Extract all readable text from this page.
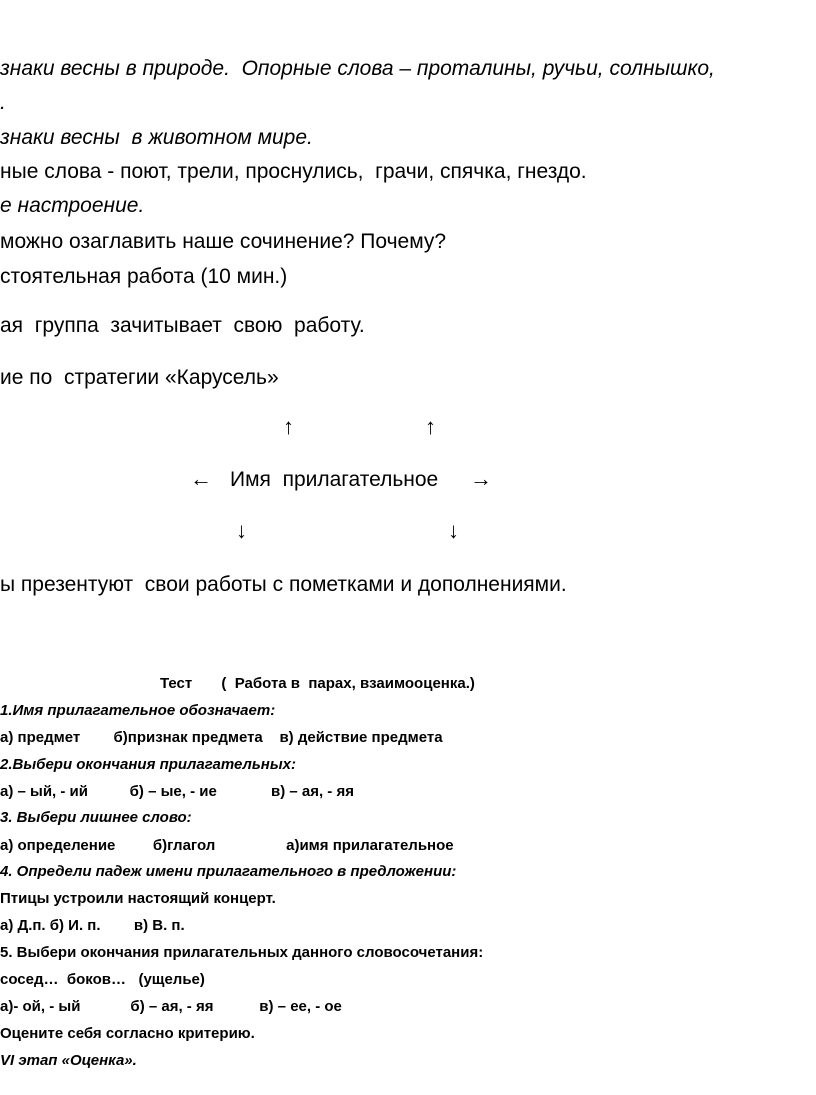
знаки весны в природе.  Опорные слова – проталины, ручьи, солнышко,
.
знаки весны  в животном мире.
ные слова - поют, трели, проснулись,  грачи, спячка, гнездо.
е настроение.
можно озаглавить наше сочинение? Почему?
стоятельная работа (10 мин.)
ая  группа  зачитывает  свою  работу.
ие по  стратегии «Карусель»
↑	↑
← Имя  прилагательное →
↓	↓
ы презентуют  свои работы с пометками и дополнениями.
Тест       (  Работа в  парах, взаимооценка.)
1.Имя прилагательное обозначает:
а) предмет        б)признак предмета    в) действие предмета
2.Выбери окончания прилагательных:
а) – ый, - ий          б) – ые, - ие             в) – ая, - яя
3. Выбери лишнее слово:
а) определение         б)глагол                 а)имя прилагательное
4. Определи падеж имени прилагательного в предложении:
Птицы устроили настоящий концерт.
а) Д.п. б) И. п.        в) В. п.
5. Выбери окончания прилагательных данного словосочетания:
сосед…  боков…   (ущелье)
а)- ой, - ый            б) – ая, - яя           в) – ее, - ое
Оцените себя согласно критерию.
VI этап «Оценка».
